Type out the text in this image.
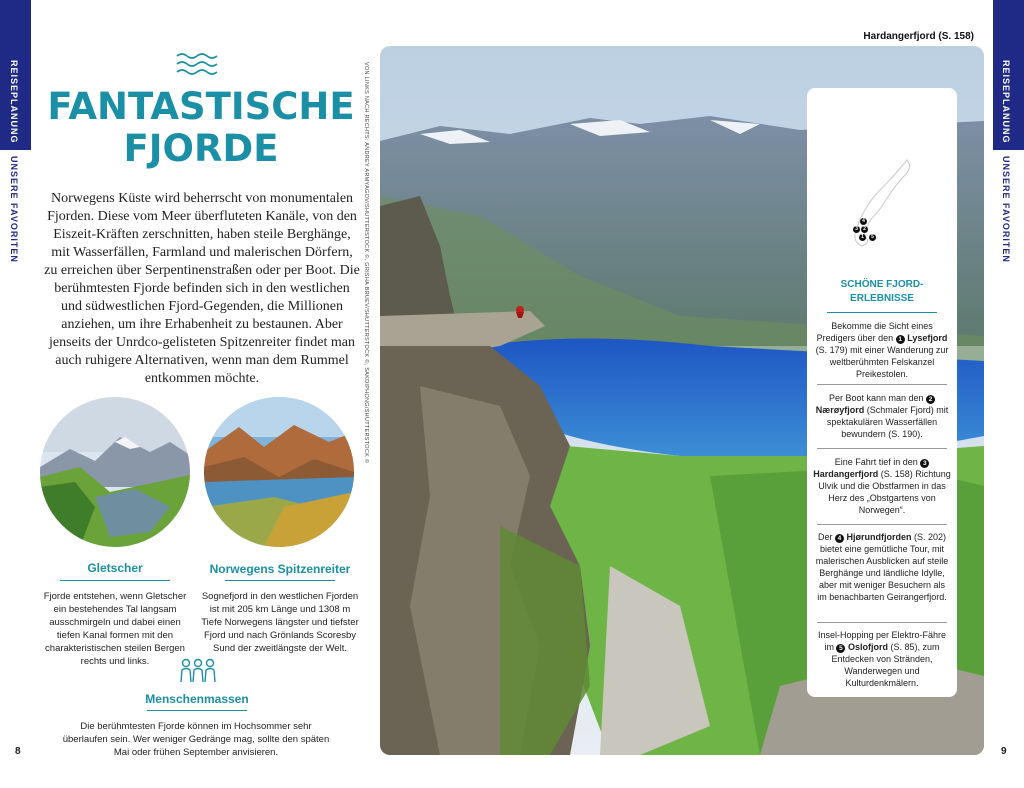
REISEPLANUNG
UNSERE FAVORITEN
REISEPLANUNG
UNSERE FAVORITEN
FANTASTISCHE
FJORDE

Norwegens Küste wird beherrscht von monumentalen Fjorden. Diese vom Meer überfluteten Kanäle, von den Eiszeit-Kräften zerschnitten, haben steile Berghänge, mit Wasserfällen, Farmland und malerischen Dörfern, zu erreichen über Serpentinenstraßen oder per Boot. Die berühmtesten Fjorde befinden sich in den westlichen und südwestlichen Fjord-Gegenden, die Millionen anziehen, um ihre Erhabenheit zu bestaunen. Aber jenseits der Unrdco-gelisteten Spitzenreiter findet man auch ruhigere Alternativen, wenn man dem Rummel entkommen möchte.

Gletscher

Fjorde entstehen, wenn Gletscher ein bestehendes Tal langsam ausschmirgeln und dabei einen tiefen Kanal formen mit den charakteristischen steilen Bergen rechts und links.

Norwegens Spitzenreiter

Sognefjord in den westlichen Fjorden ist mit 205 km Länge und 1308 m Tiefe Norwegens längster und tiefster Fjord und nach Grönlands Scoresby Sund der zweitlängste der Welt.

Menschenmassen

Die berühmtesten Fjorde können im Hochsommer sehr überlaufen sein. Wer weniger Gedränge mag, sollte den späten Mai oder frühen September anvisieren.

8
VON LINKS NACH RECHTS: ANDREY ARMYAGOV/SHUTTERSTOCK ©, GRISHA BRUEV/SHUTTERSTOCK ©, SAKDIPHONG/SHUTTERSTOCK ©
Hardangerfjord (S. 158)
4
3	2
1	5
SCHÖNE FJORD-
ERLEBNISSE

Bekomme die Sicht eines Predigers über den 1 Lysefjord (S. 179) mit einer Wanderung zur weltberühmten Felskanzel Preikestolen.

Per Boot kann man den 2 Nærøyfjord (Schmaler Fjord) mit spektakulären Wasserfällen bewundern (S. 190).

Eine Fahrt tief in den 3 Hardangerfjord (S. 158) Richtung Ulvik und die Obstfarmen in das Herz des „Obstgartens von Norwegen“.

Der 4 Hjørundfjorden (S. 202) bietet eine gemütliche Tour, mit malerischen Ausblicken auf steile Berghänge und ländliche Idylle, aber mit weniger Besuchern als im benachbarten Geirangerfjord.

Insel-Hopping per Elektro-Fähre im 5 Oslofjord (S. 85), zum Entdecken von Stränden, Wanderwegen und Kulturdenkmälern.

9
